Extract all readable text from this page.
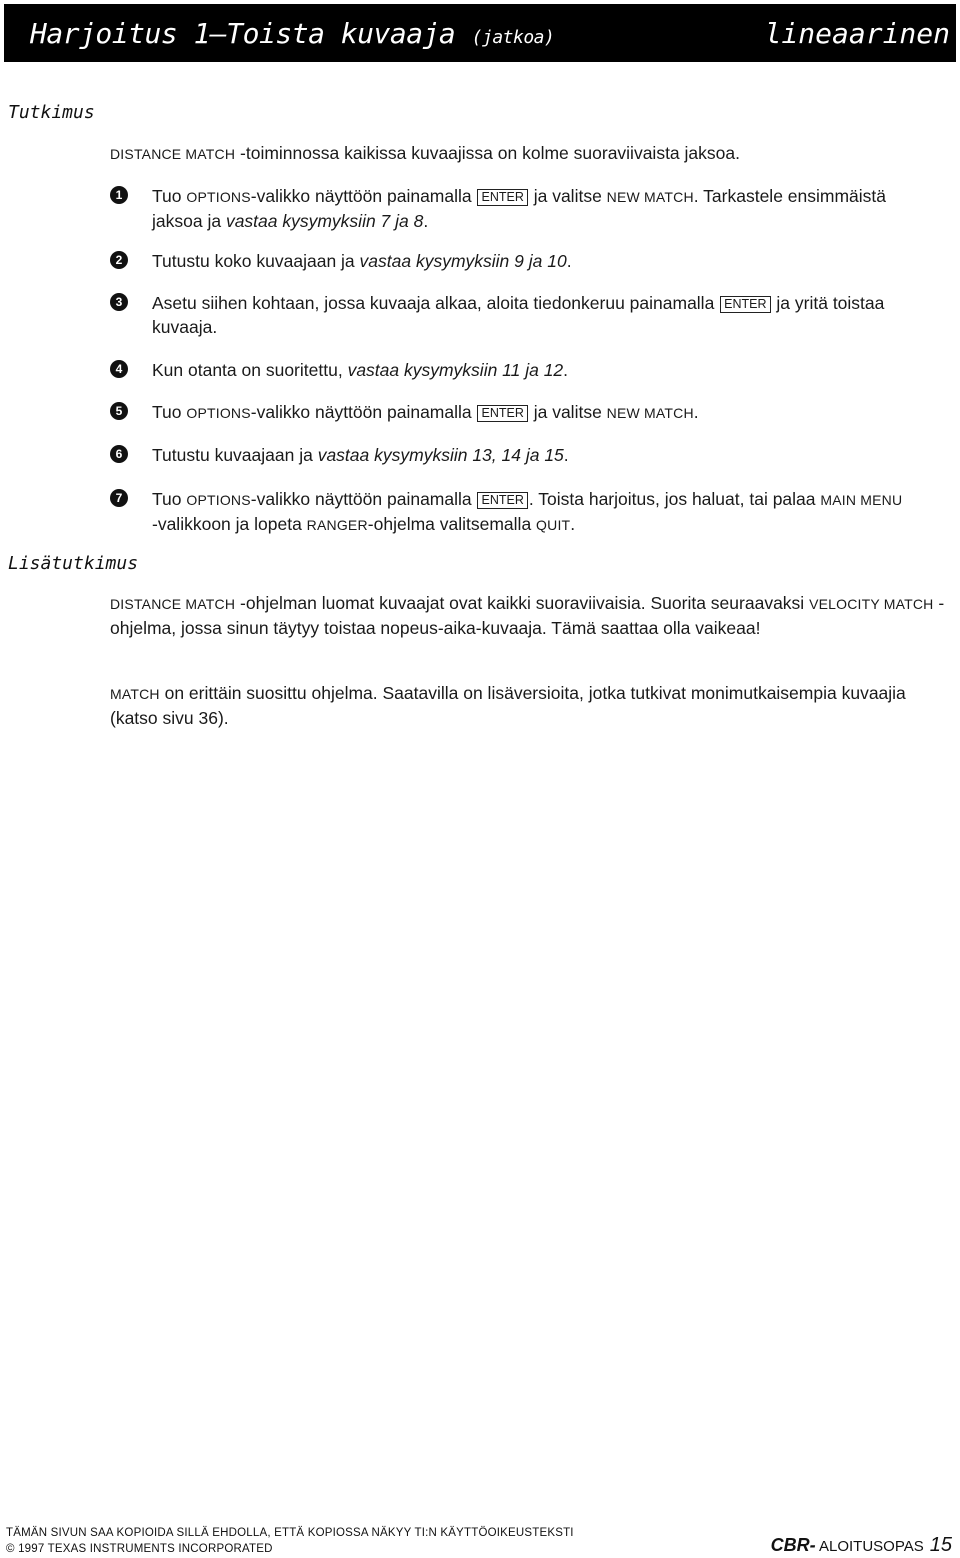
Harjoitus 1—Toista kuvaaja (jatkoa)	lineaarinen
Tutkimus
DISTANCE MATCH -toiminnossa kaikissa kuvaajissa on kolme suoraviivaista jaksoa.
1	Tuo OPTIONS-valikko näyttöön painamalla ENTER ja valitse NEW MATCH. Tarkastele ensimmäistä jaksoa ja vastaa kysymyksiin 7 ja 8.
2	Tutustu koko kuvaajaan ja vastaa kysymyksiin 9 ja 10.
3	Asetu siihen kohtaan, jossa kuvaaja alkaa, aloita tiedonkeruu painamalla ENTER ja yritä toistaa kuvaaja.
4	Kun otanta on suoritettu, vastaa kysymyksiin 11 ja 12.
5	Tuo OPTIONS-valikko näyttöön painamalla ENTER ja valitse NEW MATCH.
6	Tutustu kuvaajaan ja vastaa kysymyksiin 13, 14 ja 15.
7	Tuo OPTIONS-valikko näyttöön painamalla ENTER . Toista harjoitus, jos haluat, tai palaa MAIN MENU -valikkoon ja lopeta RANGER-ohjelma valitsemalla QUIT.
Lisätutkimus
DISTANCE MATCH -ohjelman luomat kuvaajat ovat kaikki suoraviivaisia. Suorita seuraavaksi VELOCITY MATCH -ohjelma, jossa sinun täytyy toistaa nopeus-aika-kuvaaja. Tämä saattaa olla vaikeaa!
MATCH on erittäin suosittu ohjelma. Saatavilla on lisäversioita, jotka tutkivat monimutkaisempia kuvaajia (katso sivu 36).
TÄMÄN SIVUN SAA KOPIOIDA SILLÄ EHDOLLA, ETTÄ KOPIOSSA NÄKYY TI:N KÄYTTÖOIKEUSTEKSTI
© 1997 TEXAS INSTRUMENTS INCORPORATED	CBR- ALOITUSOPAS 15
